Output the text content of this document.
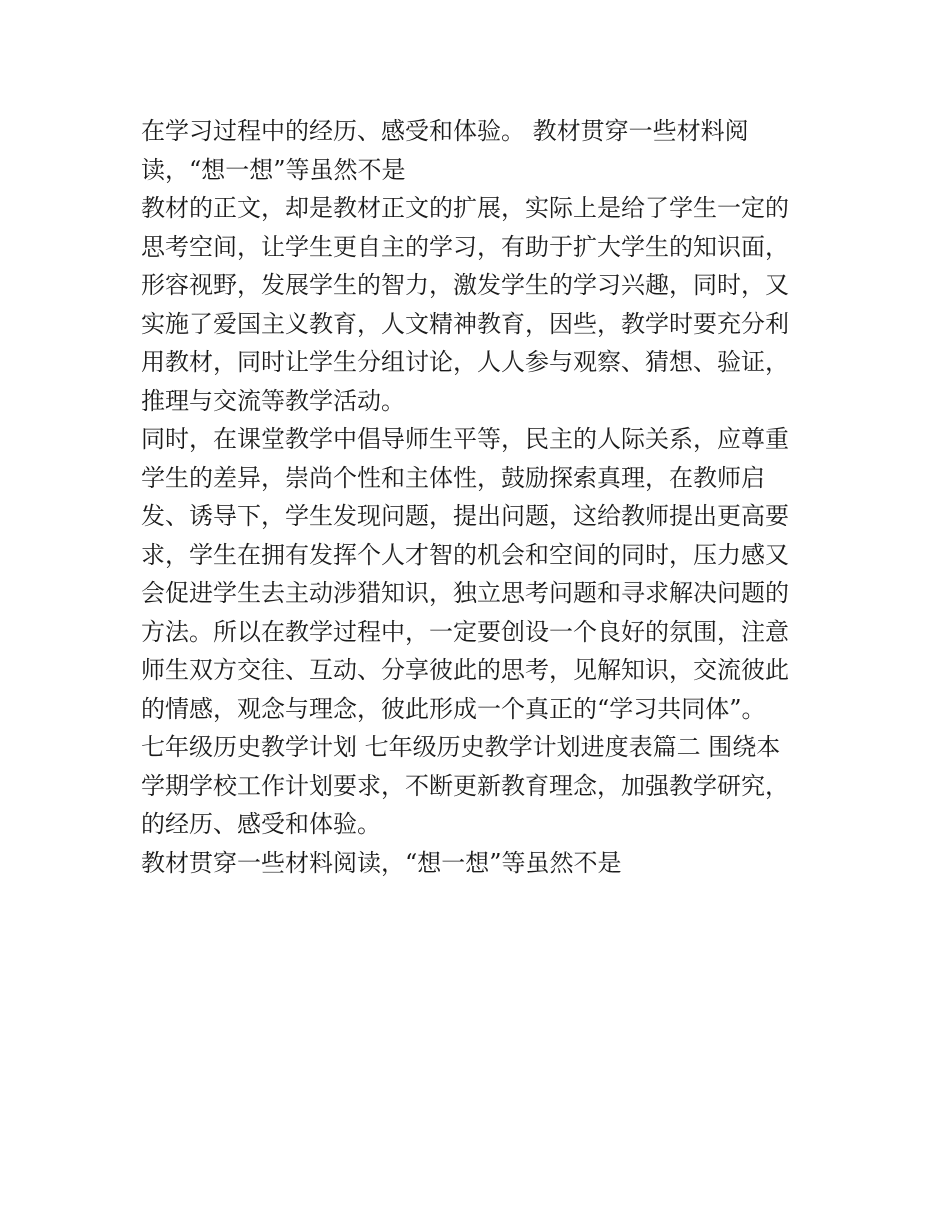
在学习过程中的经历、感受和体验。 教材贯穿一些材料阅
读，“想一想”等虽然不是
教材的正文，却是教材正文的扩展，实际上是给了学生一定的
思考空间，让学生更自主的学习，有助于扩大学生的知识面，
形容视野，发展学生的智力，激发学生的学习兴趣，同时，又
实施了爱国主义教育，人文精神教育，因些，教学时要充分利
用教材，同时让学生分组讨论，人人参与观察、猜想、验证，
推理与交流等教学活动。
同时，在课堂教学中倡导师生平等，民主的人际关系，应尊重
学生的差异，崇尚个性和主体性，鼓励探索真理，在教师启
发、诱导下，学生发现问题，提出问题，这给教师提出更高要
求，学生在拥有发挥个人才智的机会和空间的同时，压力感又
会促进学生去主动涉猎知识，独立思考问题和寻求解决问题的
方法。所以在教学过程中，一定要创设一个良好的氛围，注意
师生双方交往、互动、分享彼此的思考，见解知识，交流彼此
的情感，观念与理念，彼此形成一个真正的“学习共同体”。
七年级历史教学计划 七年级历史教学计划进度表篇二 围绕本
学期学校工作计划要求，不断更新教育理念，加强教学研究，
的经历、感受和体验。
教材贯穿一些材料阅读，“想一想”等虽然不是
